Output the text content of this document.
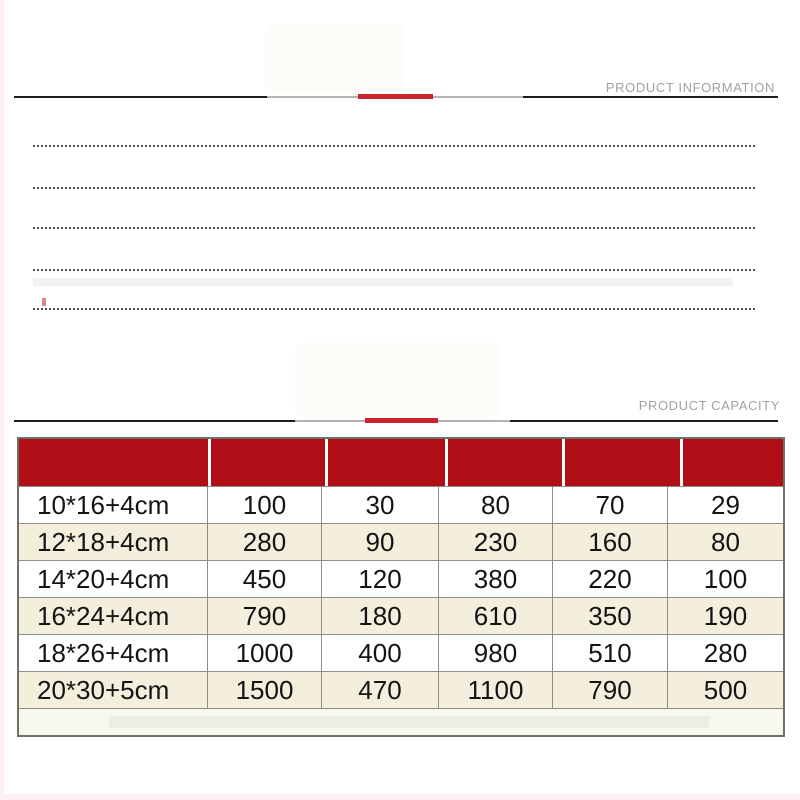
PRODUCT INFORMATION
PRODUCT CAPACITY
10*16+4cm	100	30	80	70	29
12*18+4cm	280	90	230	160	80
14*20+4cm	450	120	380	220	100
16*24+4cm	790	180	610	350	190
18*26+4cm	1000	400	980	510	280
20*30+5cm	1500	470	1100	790	500
